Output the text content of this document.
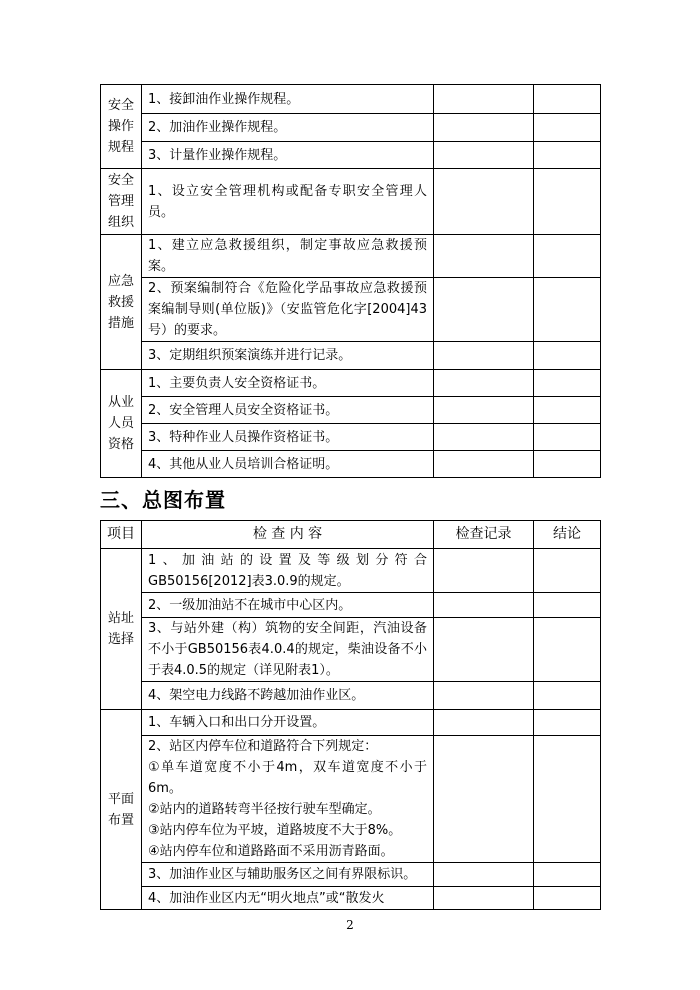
安全操作规程	1、接卸油作业操作规程。		
	2、加油作业操作规程。		
	3、计量作业操作规程。		
安全管理组织	1、设立安全管理机构或配备专职安全管理人员。		
应急救援措施	1、建立应急救援组织，制定事故应急救援预案。		
	2、预案编制符合《危险化学品事故应急救援预案编制导则(单位版)》（安监管危化字[2004]43号）的要求。		
	3、定期组织预案演练并进行记录。		
从业人员资格	1、主要负责人安全资格证书。		
	2、安全管理人员安全资格证书。		
	3、特种作业人员操作资格证书。		
	4、其他从业人员培训合格证明。		
三、总图布置
项目	检 查 内 容	检查记录	结论
站址选择	1、加油站的设置及等级划分符合GB50156[2012]表3.0.9的规定。		
	2、一级加油站不在城市中心区内。		
	3、与站外建（构）筑物的安全间距，汽油设备不小于GB50156表4.0.4的规定，柴油设备不小于表4.0.5的规定（详见附表1）。		
	4、架空电力线路不跨越加油作业区。		
平面布置	1、车辆入口和出口分开设置。		

	2、站区内停车位和道路符合下列规定：
①单车道宽度不小于4m，双车道宽度不小于6m。
②站内的道路转弯半径按行驶车型确定。
③站内停车位为平坡，道路坡度不大于8%。
④站内停车位和道路路面不采用沥青路面。		

	3、加油作业区与辅助服务区之间有界限标识。		
	4、加油作业区内无“明火地点”或“散发火		
2
